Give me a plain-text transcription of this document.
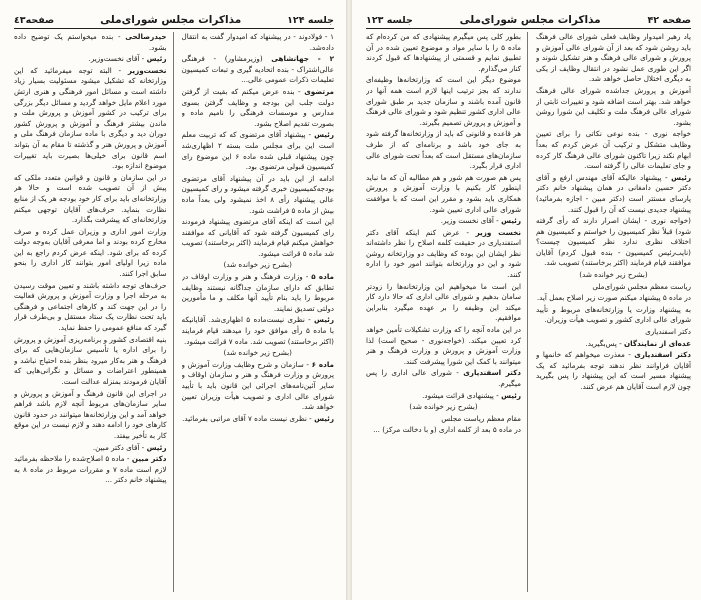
جلسه ۱۲۴
مذاکرات مجلس شورای‌ملی
صفحه٤٣

۱ - فولادوند - در پیشنهاد که امیدوار گفت به انتقال داده‌شد.

۲ - جهانشاهی (وزیرمشاور) - فرهنگی‌ عالی‌اشتراک - بنده اتحادیه گیری و تبعات کمیسیون‌ تعلیمات ذکرات عمومی عالی...

مرتضوی - بنده عرض میکنم که بقیت از گرفتن دولت جلب این بودجه و وظایف گرفتن بسوی مدارس و موسسات فرهنگی را نامیم ماده و بصورت تقدیم اصلاح بشود.

رئیس - پیشنهاد آقای مرتضوی که که تربیت معلم است این برای مجلس ملت بسته ۲ اظهاری‌شد چون پیشنهاد قبلی شده ماده ۶ این موضوع رای کمیسیون قبولی مرتضوی بود.

ادامه از این باید در آن پیشنهاد آقای مرتضوی بودجه‌کمیسیون خبری گرفته میشود و رای کمیسیون عالی پیشنهاد رأی ۸ اخذ نمیشود ولی بعداً ماده بیش از ماده ۵ فراشت شود.

این است که اینکه آقای مرتضوی پیشنهاد فرمودند رای کمیسیون گرفته شود که آقایانی که موافقند خواهش میکنم قیام فرمایند (اکثر برخاستند) تصویب شد ماده ۵ قرائت میشود.

(بشرح زیر خوانده شد)

ماده ۵ - وزارت فرهنگ و هنر و وزارت اوقاف در تطابق که دارای سازمان جداگانه نیستند وظایف مربوط را باید بنام تأیید آنها مکلف و ما مأمورین دولتی تصدیق نمایند.

رئیس - نظری نیست‌ماده ۵ اظهاری‌شد. آقایانیکه با ماده ۵ رأی موافق خود را میدهند قیام فرمایند (اکثر برخاستند) تصویب شد. ماده ۷ قرائت میشود.

(بشرح زیر خوانده شد)

ماده ۶ - سازمان و شرح وظایف وزارت آموزش و پرورش و وزارت فرهنگ و هنر و سازمان اوقاف و سایر آئین‌نامه‌های اجرائی این قانون باید با تأیید شورای عالی اداری و تصویب هیأت وزیران تعیین خواهد شد.

رئیس - نظری نیست ماده ۷ آقای مراتبی بفرمائید.

حیدرصالحی - بنده میخواستم یک توضیح داده بشود.

رئیس - آقای نخست‌وزیر.

نخست‌وزیر - البته توجه میفرمائید که این وزارتخانه که تشکیل میشود مسئولیت بسیار زیاد داشته است و مسائل امور فرهنگی و هنری ارتش مورد اعلام مایل خواهد گردید و مسائل دیگر بزرگی برای ترکیب در کشور آموزش و پرورش ملت و ماندن بیشتر فرهنگ و آموزش و پرورش کشور دوران دید و دیگری با ماده سازمان فرهنگ ملی و آموزش و پرورش هنر و گذشته تا مقام به آن بتواند اسم قانون برای خیلی‌ها بصیرت باید تغییرات موضوع اندازه بود.

در این سازمان و قانون و قوانین متعدد ملکی که پیش از آن تصویب شده است و حالا هر وزارتخانه‌ای باید برای کار خود بودجه هر یک از منابع نظارت بنماید. حرف‌های آقایان توجهی میکنم وزارتخانه‌ای که پیشرفت بگذارد.

وزارت امور اداری و وزیران عمل کرده و صرف مخارج کرده بودند و اما معرفی آقایان به‌وجه دولت کرده که برای شود. اینکه عرض کردم راجع به این ماده زیرا اولیای امور بتوانند کار اداری را بنحو سابق اجرا کنند.

حرف‌های توجه داشته باشند و تعیین موقت رسیدن به مرحله اجرا و وزارت آموزش و پرورش فعالیت را در این جهت کند و کارهای اجتماعی و فرهنگی باید تحت نظارت یک ستاد مستقل و بی‌طرف قرار گیرد که منافع عمومی را حفظ نماید.

بنیه اقتصادی کشور و برنامه‌ریزی آموزش و پرورش را برای اداره یا تأسیس سازمان‌هایی که برای فرهنگ و هنر به‌کار میرود بنظر بنده احتیاج نباشد و همینطور اعتراضات و مسائل و نگرانی‌هایی که آقایان فرمودند بمنزله عدالت است.

در اجرای این قانون فرهنگ و آموزش و پرورش و سایر سازمان‌های مربوط آنچه لازم باشد فراهم خواهد آمد و این وزارتخانه‌ها میتوانند در حدود قانون کارهای خود را ادامه دهند و لازم نیست در این موقع کار به تأخیر بیفتد.

رئیس - آقای دکتر مبین.

دکتر مبین - ماده ۵ اصلاح‌شده را ملاحظه بفرمائید لازم است ماده ۷ و مقررات مربوط در ماده ۸ به پیشنهاد خانم دکتر ...

صفحه ۴۲
مذاکرات مجلس شورای‌ملی
جلسه ۱۲۳

یاد رهبر امیدوار وظایف فعلی شورای عالی فرهنگ باید روشن شود که بعد از آن شورای عالی آموزش و پرورش و شورای عالی فرهنگ و هنر تشکیل شوند و اگر این طوری عمل نشود در انتقال وظایف از یکی به دیگری اختلال حاصل خواهد شد.

آموزش و پرورش جداشده شورای عالی فرهنگ خواهد شد. بهتر است اضافه شود و تغییرات ثابتی از شورای عالی فرهنگ ملت و تکلیف این شورا روشن بشود.

خواجه نوری - بنده نوعی نکاتی را برای تعیین وظایف متشکل و ترکیب آن عرض کردم که بعداً ابهام نکند زیرا تاکنون شورای عالی فرهنگ کار کرده و جای تعلیمات عالی را گرفته است.

رئیس - پیشنهاد عالیکه آقای مهندس ارفع و آقای دکتر حسین دامغانی در همان پیشنهاد خانم دکتر پارسای مستتر است (دکتر مبین - اجازه بفرمائید) پیشنهاد جدیدی نیست که آن را قبول کنند.

(خواجه نوری - ایشان اصرار دارند که رأی گرفته شود) قبلاً نظر کمیسیون را خواستم و کمیسیون هم اختلاف نظری ندارد نظر کمیسیون چیست؟ (نایب‌رئیس کمیسیون - بنده قبول کردم) آقایان موافقند قیام فرمایند (اکثر برخاستند) تصویب شد.

(بشرح زیر خوانده شد)

ریاست معظم مجلس شورای‌ملی

در ماده ۵ پیشنهاد میکنم صورت زیر اصلاح بعمل آید.

به پیشنهاد وزارت یا وزارتخانه‌های مربوط و تأیید شورای عالی اداری کشور و تصویب هیأت وزیران.

دکتر اسفندیاری

عده‌ای از نمایندگان - پس‌بگیرید.

دکتر اسفندیاری - معذرت میخواهم که خانمها و آقایان فراوانند نظر ندهند توجه بفرمائید که یک پیشنهاد مسیر است که این پیشنهاد را پس بگیرید چون لازم است آقایان هم عرض کنند.

بطور کلی پس میگیرم پیشنهادی که من کرده‌ام که ماده ۵ را با سایر مواد و موضوع تعیین شده در آن تطبیق نمایم و قسمتی از پیشنهادها که قبول کردند کنار می‌گذارم.

موضوع دیگر این است که وزارتخانه‌ها وظیفه‌ای ندارند که بجز ترتیب اینها لازم است همه آنها در قانون آمده باشند و سازمان جدید بر طبق شورای عالی اداری کشور تنظیم شود و شورای عالی فرهنگ و آموزش و پرورش تصمیم بگیرند.

هر قاعده و قانونی که باید از وزارتخانه‌ها گرفته شود به جای خود باشد و برنامه‌ای که از طرف سازمان‌های مستقل است که بعداً تحت شورای عالی اداری قرار بگیرد.

پس هم صورت هم شور و هم مطالبه آن که ما نباید اینطور کار بکنیم با وزارت آموزش و پرورش همکاری باید بشود و مقرر این است که با موافقت شورای عالی اداری تعیین شود.

رئیس - آقای نخست وزیر.

نخست وزیر - عرض کنم اینکه آقای دکتر استفندیاری در حقیقت کلمه اصلاح را نظر داشته‌اند نظر ایشان این بوده که وظایف دو وزارتخانه روشن شود و این دو وزارتخانه بتوانند امور خود را اداره کنند.

این است ما میخواهیم این وزارتخانه‌ها را زودتر سامان بدهیم و شورای عالی اداری که حالا دارد کار میکند این وظیفه را بر عهده میگیرد بنابراین موافقیم.

در این ماده آنچه را که وزارت تشکیلات تأمین خواهد کرد تعیین میکند. (خواجه‌نوری - صحیح است) لذا وزارت آموزش و پرورش و وزارت فرهنگ و هنر میتوانند با کمک این شورا پیشرفت کنند.

دکتر اسفندیاری - شورای عالی اداری را پس میگیرم.

رئیس - پیشنهادی قرائت میشود.

(بشرح زیر خوانده شد)

مقام معظم ریاست مجلس

در ماده ۵ بعد از کلمه اداری (و با دخالت مرکز) ...
